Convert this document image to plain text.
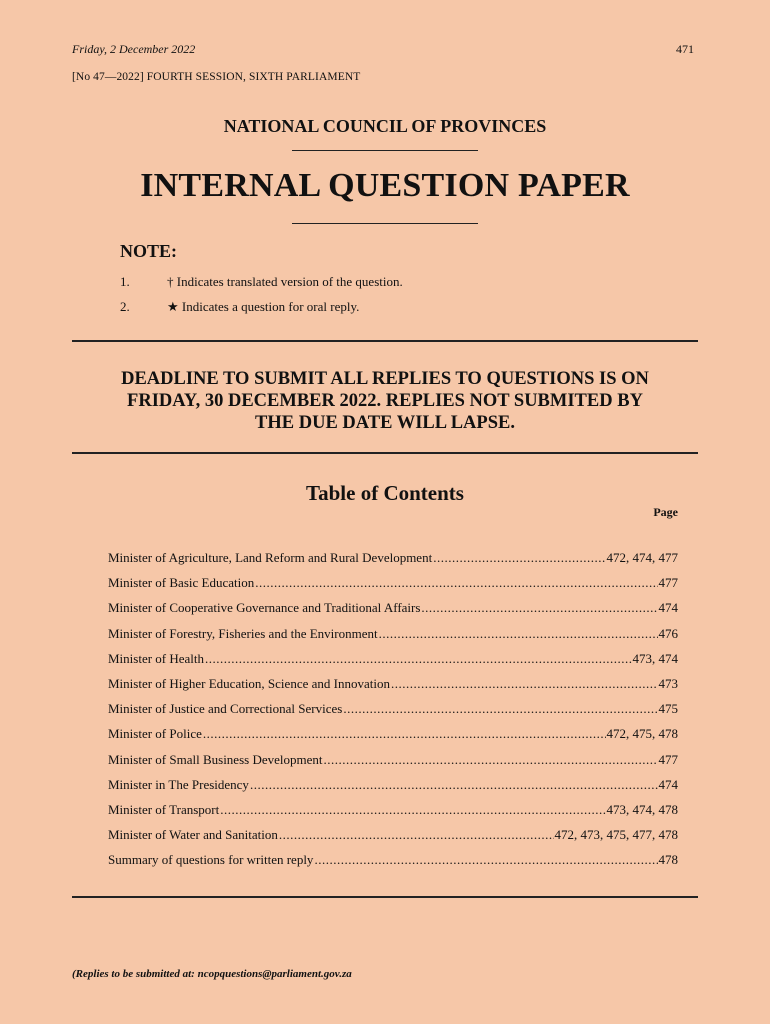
Friday, 2 December 2022	471
[No 47—2022] FOURTH SESSION, SIXTH PARLIAMENT
NATIONAL COUNCIL OF PROVINCES
INTERNAL QUESTION PAPER
NOTE:
1.	† Indicates translated version of the question.
2.	★ Indicates a question for oral reply.
DEADLINE TO SUBMIT ALL REPLIES TO QUESTIONS IS ON
FRIDAY, 30 DECEMBER 2022. REPLIES NOT SUBMITED BY
THE DUE DATE WILL LAPSE.
Table of Contents
Page
Minister of Agriculture, Land Reform and Rural Development .....	472, 474, 477
Minister of Basic Education .....	477
Minister of Cooperative Governance and Traditional Affairs .....	474
Minister of Forestry, Fisheries and the Environment .....	476
Minister of Health .....	473, 474
Minister of Higher Education, Science and Innovation .....	473
Minister of Justice and Correctional Services .....	475
Minister of Police .....	472, 475, 478
Minister of Small Business Development .....	477
Minister in The Presidency .....	474
Minister of Transport .....	473, 474, 478
Minister of Water and Sanitation .....	472, 473, 475, 477, 478
Summary of questions for written reply .....	478
(Replies to be submitted at: ncopquestions@parliament.gov.za
